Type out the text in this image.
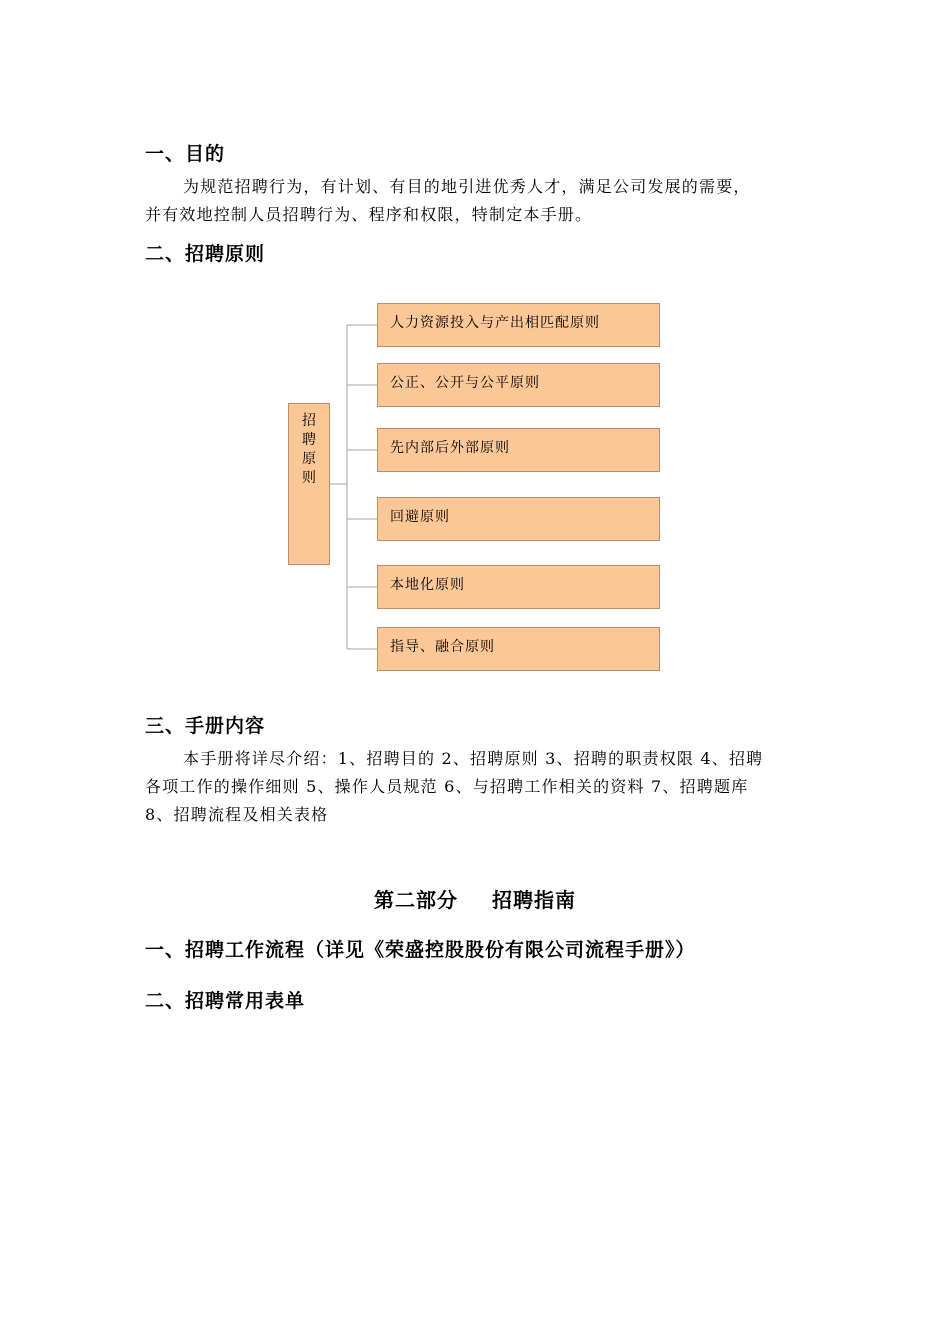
一、目的
为规范招聘行为，有计划、有目的地引进优秀人才，满足公司发展的需要，
并有效地控制人员招聘行为、程序和权限，特制定本手册。
二、招聘原则
招聘原则
人力资源投入与产出相匹配原则
公正、公开与公平原则
先内部后外部原则
回避原则
本地化原则
指导、融合原则
三、手册内容
本手册将详尽介绍：1、招聘目的 2、招聘原则 3、招聘的职责权限 4、招聘
各项工作的操作细则 5、操作人员规范 6、与招聘工作相关的资料 7、招聘题库
8、招聘流程及相关表格
第二部分 招聘指南
一、招聘工作流程（详见《荣盛控股股份有限公司流程手册》）
二、招聘常用表单
